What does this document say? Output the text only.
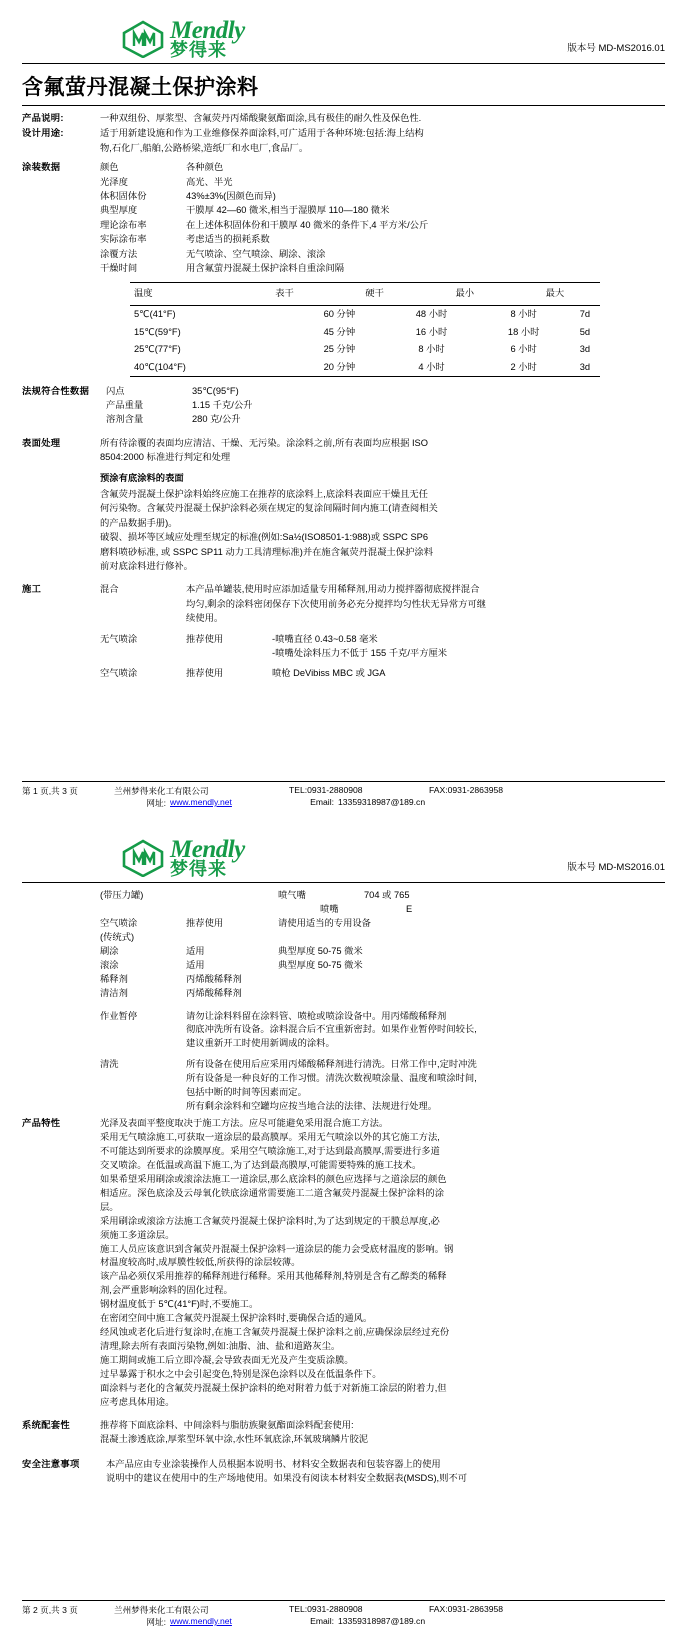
Mendly
梦得来	版本号 MD-MS2016.01
含氟萤丹混凝土保护涂料
产品说明:	一种双组份、厚浆型、含氟荧丹丙烯酸聚氨酯面涂,具有极佳的耐久性及保色性.
设计用途:	适于用新建设施和作为工业维修保养面涂料,可广适用于各种环境:包括:海上结构
物,石化厂,船舶,公路桥梁,造纸厂和水电厂,食品厂。
涂装数据	颜色	各种颜色
光泽度	高光、半光
体积固体份	43%±3%(因颜色而异)
典型厚度	干膜厚 42—60 微米,相当于湿膜厚 110—180 微米
理论涂布率	在上述体积固体份和干膜厚 40 微米的条件下,4 平方米/公斤
实际涂布率	考虑适当的损耗系数
涂覆方法	无气喷涂、空气喷涂、刷涂、滚涂
干燥时间	用含氟萤丹混凝土保护涂料自重涂间隔
温度	表干	硬干	最小	最大
5℃(41°F)	60 分钟	48 小时	8 小时	7d
15℃(59°F)	45 分钟	16 小时	18 小时	5d
25℃(77°F)	25 分钟	8 小时	6 小时	3d
40℃(104°F)	20 分钟	4 小时	2 小时	3d
法规符合性数据	闪点	35℃(95°F)
产品重量	1.15 千克/公升
溶剂含量	280 克/公升
表面处理	所有待涂覆的表面均应清洁、干燥、无污染。涂涂料之前,所有表面均应根据 ISO
8504:2000 标准进行判定和处理
预涂有底涂料的表面
含氟荧丹混凝土保护涂料始终应施工在推荐的底涂料上,底涂料表面应干燥且无任
何污染物。含氟荧丹混凝土保护涂料必须在规定的复涂间隔时间内施工(请查阅相关
的产品数据手册)。
破裂、损坏等区域应处理至规定的标准(例如:Sa½(ISO8501-1:988)或 SSPC SP6
磨料喷砂标准, 或 SSPC SP11 动力工具清理标准)并在施含氟荧丹混凝土保护涂料
前对底涂料进行修补。
施工	混合	本产品单罐装,使用时应添加适量专用稀释剂,用动力搅拌器彻底搅拌混合
均匀,剩余的涂料密闭保存下次使用前务必充分搅拌均匀性状无异常方可继
续使用。
无气喷涂	推荐使用	-喷嘴直径 0.43~0.58 毫米
-喷嘴处涂料压力不低于 155 千克/平方厘米
空气喷涂	推荐使用	喷枪 DeVibiss MBC 或 JGA
第 1 页,共 3 页	兰州梦得来化工有限公司	TEL:0931-2880908	FAX:0931-2863958
网址: www.mendly.net	Email: 13359318987@189.cn
Mendly
梦得来	版本号 MD-MS2016.01
(带压力罐)	喷气嘴	704 或 765
喷嘴	E
空气喷涂	推荐使用	请使用适当的专用设备
(传统式)
刷涂	适用	典型厚度 50-75 微米
滚涂	适用	典型厚度 50-75 微米
稀释剂	丙烯酸稀释剂
清洁剂	丙烯酸稀释剂
作业暂停	请勿让涂料料留在涂料管、喷枪或喷涂设备中。用丙烯酸稀释剂
彻底冲洗所有设备。涂料混合后不宜重新密封。如果作业暂停时间较长,
建议重新开工时使用新调成的涂料。
清洗	所有设备在使用后应采用丙烯酸稀释剂进行清洗。日常工作中,定时冲洗
所有设备是一种良好的工作习惯。清洗次数视喷涂量、温度和喷涂时间,
包括中断的时间等因素而定。
所有剩余涂料和空罐均应按当地合法的法律、法规进行处理。
产品特性	光泽及表面平整度取决于施工方法。应尽可能避免采用混合施工方法。
采用无气喷涂施工,可获取一道涂层的最高膜厚。采用无气喷涂以外的其它施工方法,
不可能达到所要求的涂膜厚度。采用空气喷涂施工,对于达到最高膜厚,需要进行多道
交叉喷涂。在低温或高温下施工,为了达到最高膜厚,可能需要特殊的施工技术。
如果希望采用刷涂或滚涂法施工一道涂层,那么底涂料的颜色应选择与之道涂层的颜色
相适应。深色底涂及云母氧化铁底涂通常需要施工二道含氟荧丹混凝土保护涂料的涂
层。
采用刷涂或滚涂方法施工含氟荧丹混凝土保护涂料时,为了达到规定的干膜总厚度,必
须施工多道涂层。
施工人员应该意识到含氟荧丹混凝土保护涂料一道涂层的能力会受底材温度的影响。钢
材温度较高时,成厚膜性较低,所获得的涂层较薄。
该产品必须仅采用推荐的稀释剂进行稀释。采用其他稀释剂,特别是含有乙醇类的稀释
剂,会严重影响涂料的固化过程。
钢材温度低于 5℃(41°F)时,不要施工。
在密闭空间中施工含氟荧丹混凝土保护涂料时,要确保合适的通风。
经风蚀或老化后进行复涂时,在施工含氟荧丹混凝土保护涂料之前,应确保涂层经过充份
清理,除去所有表面污染物,例如:油脂、油、盐和道路灰尘。
施工期间或施工后立即冷凝,会导致表面无光及产生变质涂膜。
过早暴露于积水之中会引起变色,特别是深色涂料以及在低温条件下。
面涂料与老化的含氟荧丹混凝土保护涂料的绝对附着力低于对新施工涂层的附着力,但
应考虑具体用途。
系统配套性	推荐将下面底涂料、中间涂料与脂肪族聚氨酯面涂料配套使用:
混凝土渗透底涂,厚浆型环氧中涂,水性环氧底涂,环氧玻璃鳞片胶泥
安全注意事项	本产品应由专业涂装操作人员根据本说明书、材料安全数据表和包装容器上的使用
说明中的建议在使用中的生产场地使用。如果没有阅读本材料安全数据表(MSDS),则不可
第 2 页,共 3 页	兰州梦得来化工有限公司	TEL:0931-2880908	FAX:0931-2863958
网址: www.mendly.net	Email: 13359318987@189.cn
